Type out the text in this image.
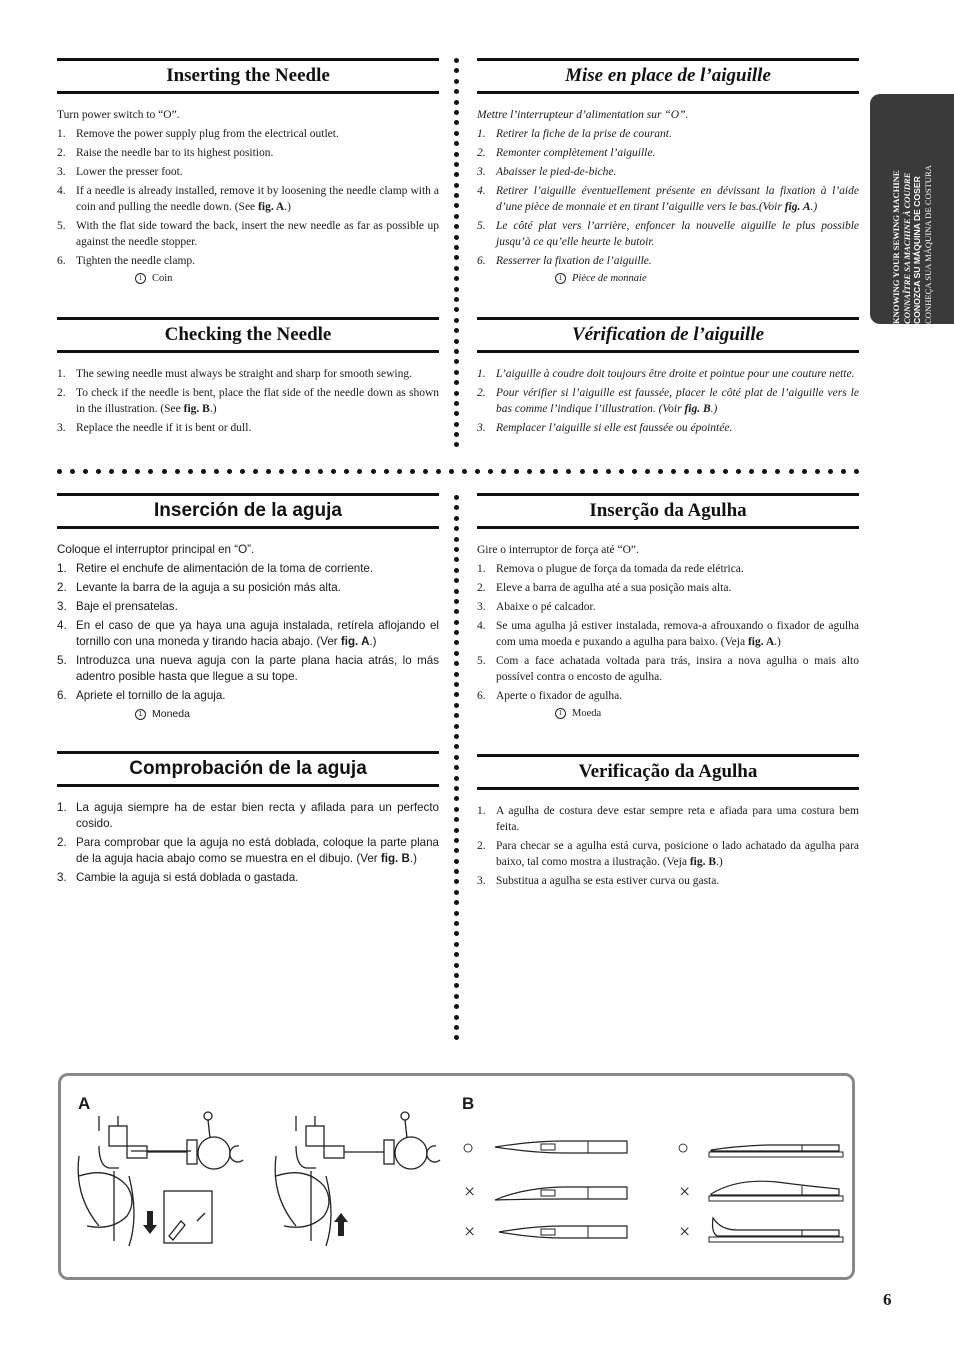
KNOWING YOUR SEWING MACHINE CONNAÎTRE SA MACHINE À COUDRE CONOZCA SU MÁQUINA DE COSER CONHEÇA SUA MÁQUINA DE COSTURA
Inserting the Needle

Turn power switch to “O”.

1. Remove the power supply plug from the electrical outlet.
2. Raise the needle bar to its highest position.
3. Lower the presser foot.
4. If a needle is already installed, remove it by loosening the needle clamp with a coin and pulling the needle down. (See fig. A.)
5. With the flat side toward the back, insert the new needle as far as possible up against the needle stopper.
6. Tighten the needle clamp.
1 Coin
Mise en place de l’aiguille

Mettre l’interrupteur d’alimentation sur “O”.

1. Retirer la fiche de la prise de courant.
2. Remonter complètement l’aiguille.
3. Abaisser le pied-de-biche.
4. Retirer l’aiguille éventuellement présente en dévissant la fixation à l’aide d’une pièce de monnaie et en tirant l’aiguille vers le bas.(Voir fig. A.)
5. Le côté plat vers l’arrière, enfoncer la nouvelle aiguille le plus possible jusqu’à ce qu’elle heurte le butoir.
6. Resserrer la fixation de l’aiguille.
1 Pièce de monnaie
Checking the Needle
1. The sewing needle must always be straight and sharp for smooth sewing.
2. To check if the needle is bent, place the flat side of the needle down as shown in the illustration. (See fig. B.)
3. Replace the needle if it is bent or dull.
Vérification de l’aiguille
1. L’aiguille à coudre doit toujours être droite et pointue pour une couture nette.
2. Pour vérifier si l’aiguille est faussée, placer le côté plat de l’aiguille vers le bas comme l’indique l’illustration. (Voir fig. B.)
3. Remplacer l’aiguille si elle est faussée ou épointée.
Inserción de la aguja

Coloque el interruptor principal en “O”.

1. Retire el enchufe de alimentación de la toma de corriente.
2. Levante la barra de la aguja a su posición más alta.
3. Baje el prensatelas.
4. En el caso de que ya haya una aguja instalada, retírela aflojando el tornillo con una moneda y tirando hacia abajo. (Ver fig. A.)
5. Introduzca una nueva aguja con la parte plana hacia atrás, lo más adentro posible hasta que llegue a su tope.
6. Apriete el tornillo de la aguja.
1 Moneda
Inserção da Agulha

Gire o interruptor de força até “O”.

1. Remova o plugue de força da tomada da rede elétrica.
2. Eleve a barra de agulha até a sua posição mais alta.
3. Abaixe o pé calcador.
4. Se uma agulha já estiver instalada, remova-a afrouxando o fixador de agulha com uma moeda e puxando a agulha para baixo. (Veja fig. A.)
5. Com a face achatada voltada para trás, insira a nova agulha o mais alto possível contra o encosto de agulha.
6. Aperte o fixador de agulha.
1 Moeda
Comprobación de la aguja
1. La aguja siempre ha de estar bien recta y afilada para un perfecto cosido.
2. Para comprobar que la aguja no está doblada, coloque la parte plana de la aguja hacia abajo como se muestra en el dibujo. (Ver fig. B.)
3. Cambie la aguja si está doblada o gastada.
Verificação da Agulha
1. A agulha de costura deve estar sempre reta e afiada para uma costura bem feita.
2. Para checar se a agulha está curva, posicione o lado achatado da agulha para baixo, tal como mostra a ilustração. (Veja fig. B.)
3. Substitua a agulha se esta estiver curva ou gasta.
A	B
○
×
×
○
×
×
6
